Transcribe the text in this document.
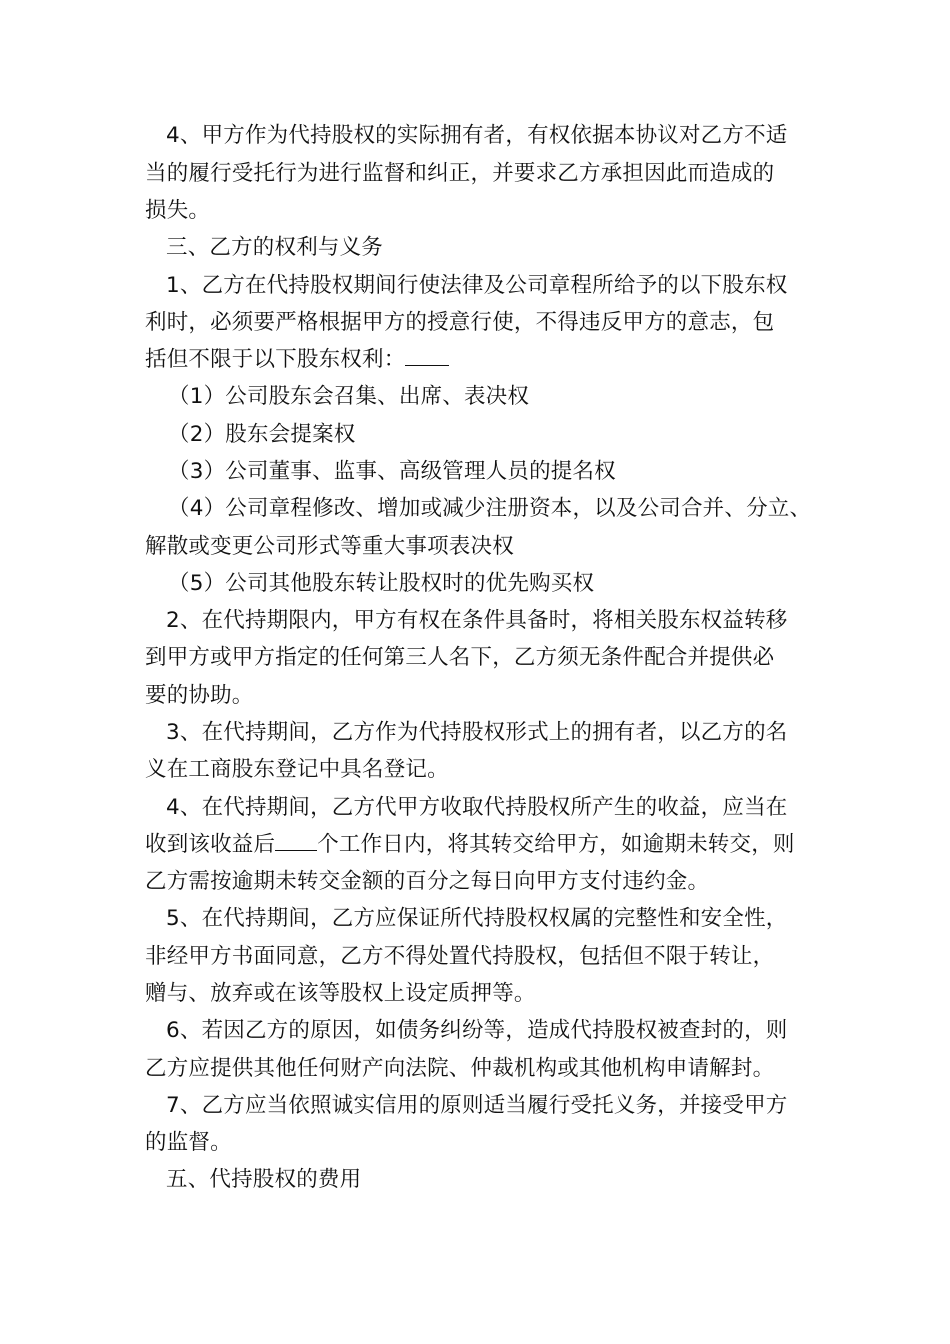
4、甲方作为代持股权的实际拥有者，有权依据本协议对乙方不适
当的履行受托行为进行监督和纠正，并要求乙方承担因此而造成的
损失。
三、乙方的权利与义务
1、乙方在代持股权期间行使法律及公司章程所给予的以下股东权
利时，必须要严格根据甲方的授意行使，不得违反甲方的意志，包
括但不限于以下股东权利：
（1）公司股东会召集、出席、表决权
（2）股东会提案权
（3）公司董事、监事、高级管理人员的提名权
（4）公司章程修改、增加或减少注册资本，以及公司合并、分立、
解散或变更公司形式等重大事项表决权
（5）公司其他股东转让股权时的优先购买权
2、在代持期限内，甲方有权在条件具备时，将相关股东权益转移
到甲方或甲方指定的任何第三人名下，乙方须无条件配合并提供必
要的协助。
3、在代持期间，乙方作为代持股权形式上的拥有者，以乙方的名
义在工商股东登记中具名登记。
4、在代持期间，乙方代甲方收取代持股权所产生的收益，应当在
收到该收益后 个工作日内，将其转交给甲方，如逾期未转交，则
乙方需按逾期未转交金额的百分之每日向甲方支付违约金。
5、在代持期间，乙方应保证所代持股权权属的完整性和安全性，
非经甲方书面同意，乙方不得处置代持股权，包括但不限于转让，
赠与、放弃或在该等股权上设定质押等。
6、若因乙方的原因，如债务纠纷等，造成代持股权被查封的，则
乙方应提供其他任何财产向法院、仲裁机构或其他机构申请解封。
7、乙方应当依照诚实信用的原则适当履行受托义务，并接受甲方
的监督。
五、代持股权的费用
